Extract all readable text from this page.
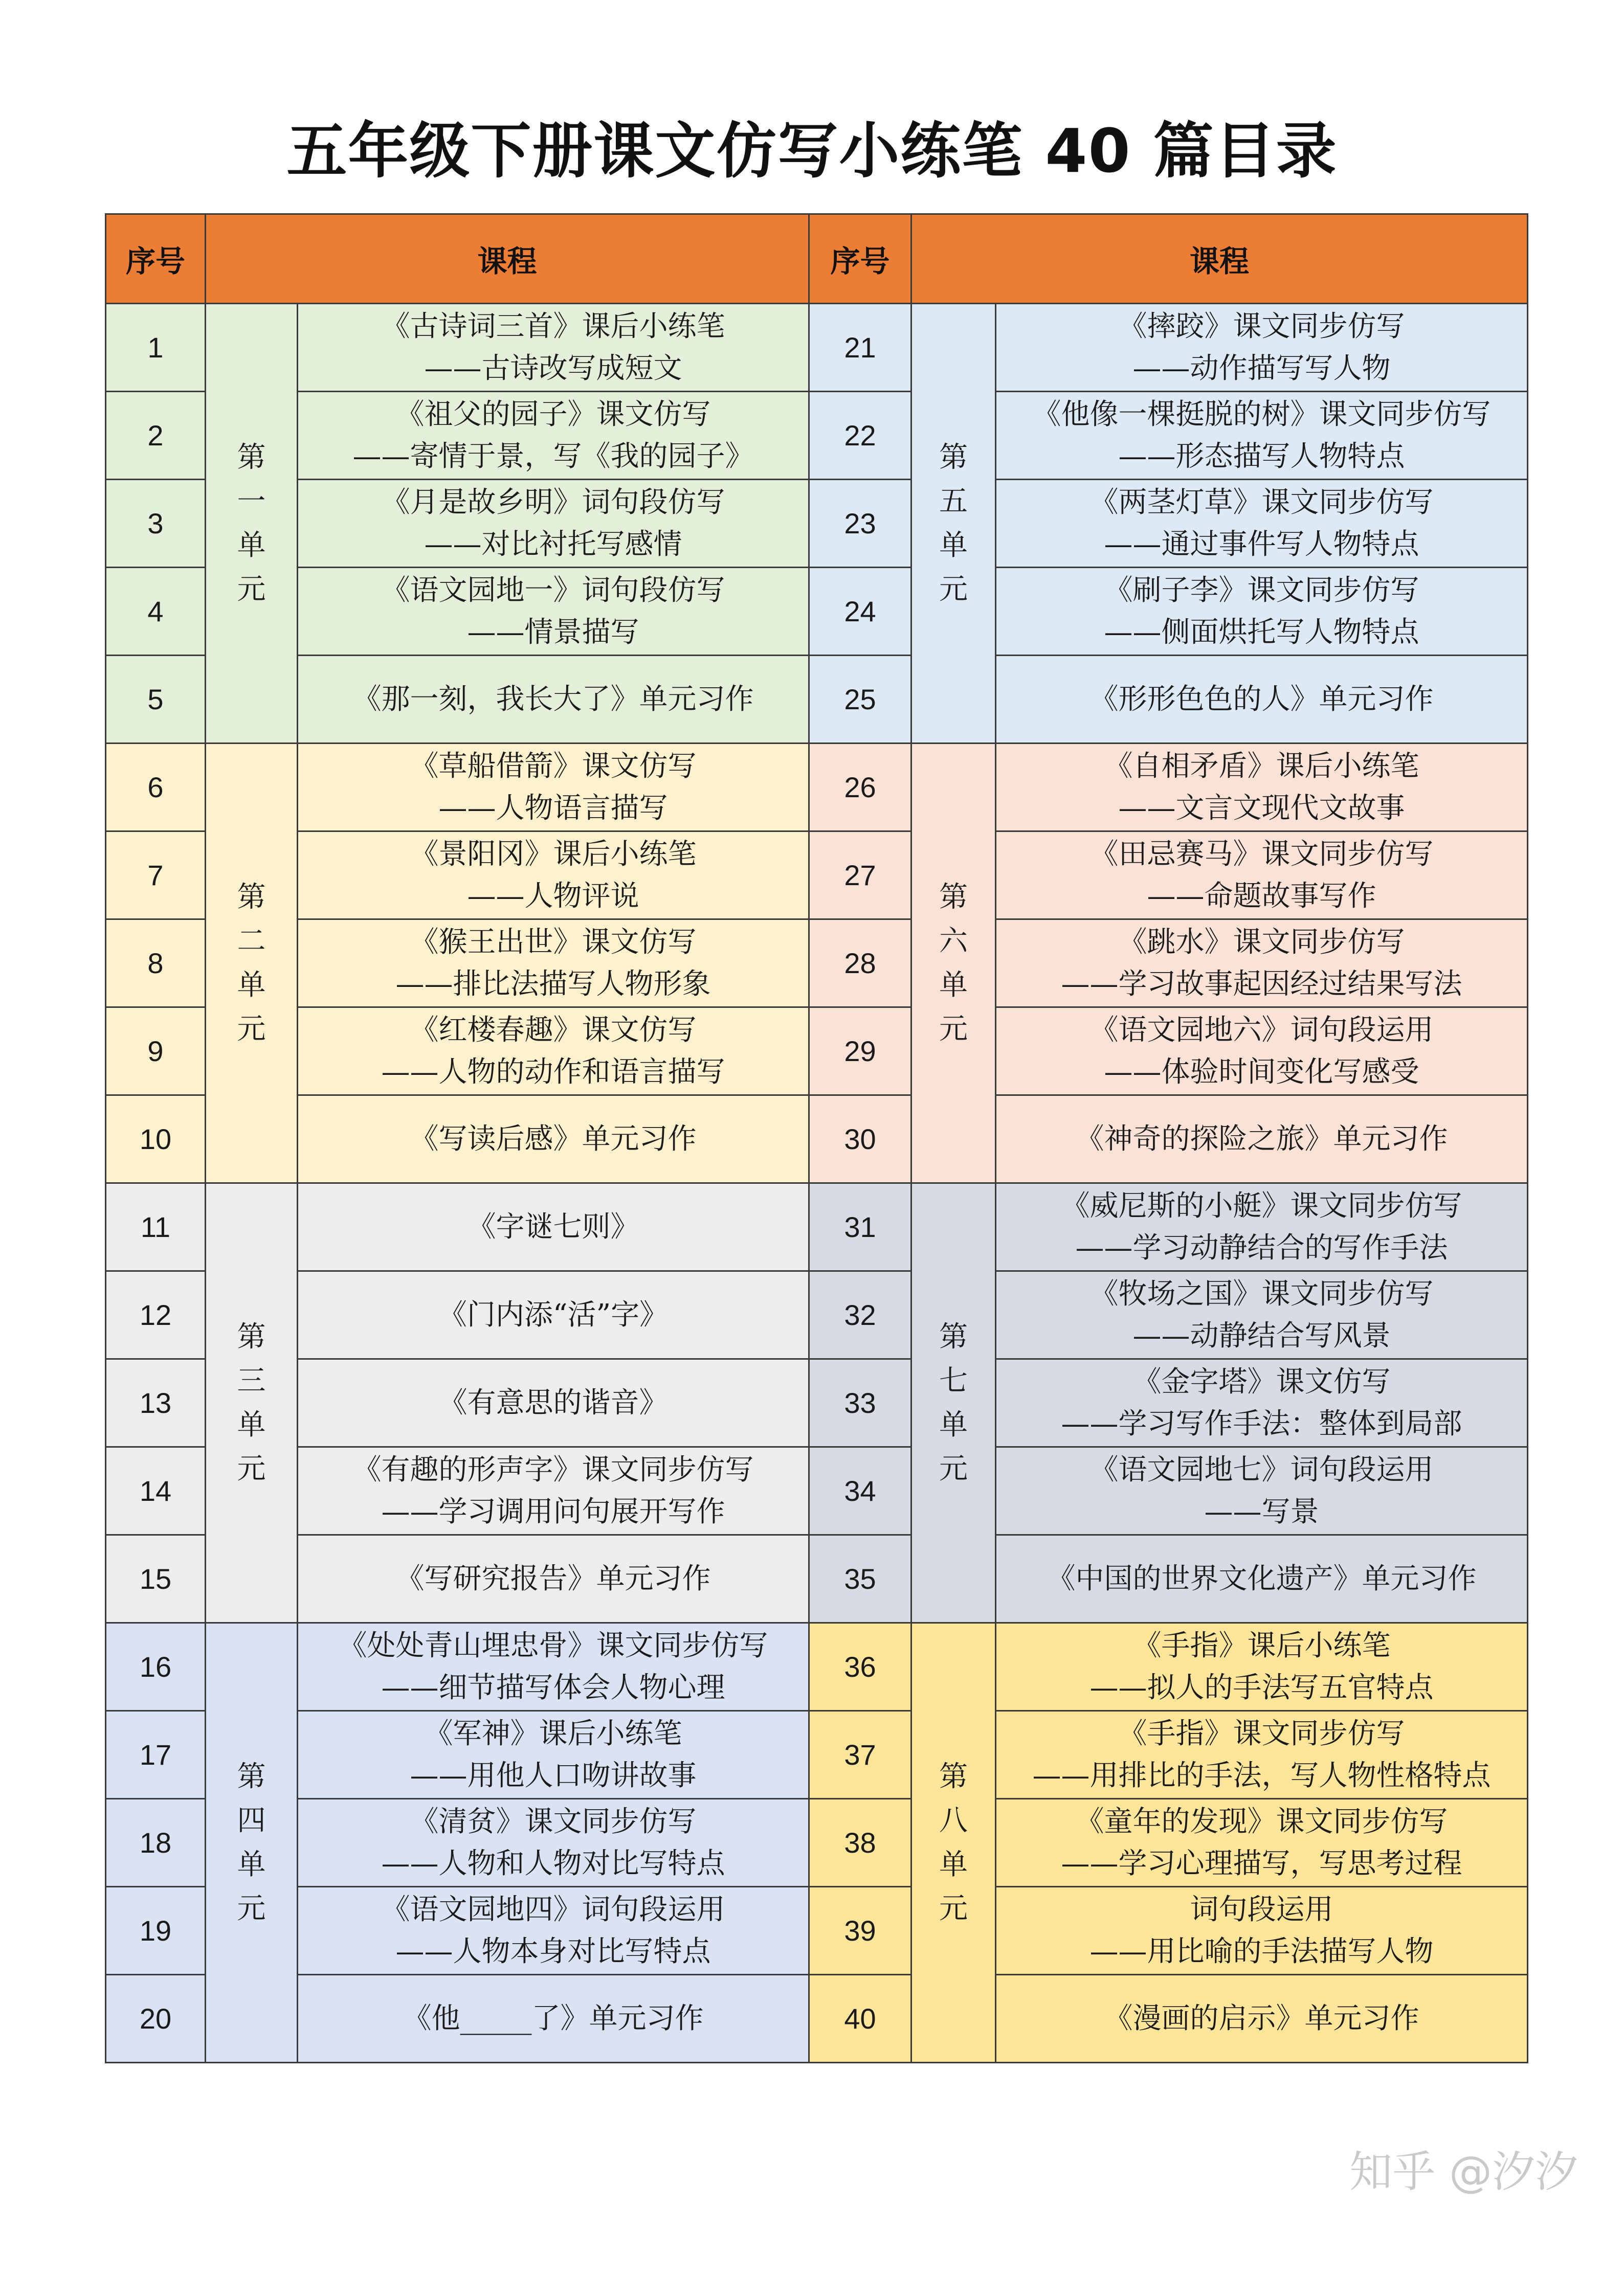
五年级下册课文仿写小练笔 40 篇目录
序号	课程		序号	课程	
1	第
一
单
元	《古诗词三首》课后小练笔
——古诗改写成短文	21	第
五
单
元	《摔跤》课文同步仿写
——动作描写写人物

2		《祖父的园子》课文仿写
——寄情于景，写《我的园子》	22		《他像一棵挺脱的树》课文同步仿写
——形态描写人物特点

3		《月是故乡明》词句段仿写
——对比衬托写感情	23		《两茎灯草》课文同步仿写
——通过事件写人物特点

4		《语文园地一》词句段仿写
——情景描写	24		《刷子李》课文同步仿写
——侧面烘托写人物特点

5		《那一刻，我长大了》单元习作	25		《形形色色的人》单元习作

6	第
二
单
元	《草船借箭》课文仿写
——人物语言描写	26	第
六
单
元	《自相矛盾》课后小练笔
——文言文现代文故事

7		《景阳冈》课后小练笔
——人物评说	27		《田忌赛马》课文同步仿写
——命题故事写作

8		《猴王出世》课文仿写
——排比法描写人物形象	28		《跳水》课文同步仿写
——学习故事起因经过结果写法

9		《红楼春趣》课文仿写
——人物的动作和语言描写	29		《语文园地六》词句段运用
——体验时间变化写感受

10		《写读后感》单元习作	30		《神奇的探险之旅》单元习作

11	第
三
单
元	《字谜七则》	31	第
七
单
元	《威尼斯的小艇》课文同步仿写
——学习动静结合的写作手法

12		《门内添“活”字》	32		《牧场之国》课文同步仿写
——动静结合写风景

13		《有意思的谐音》	33		《金字塔》课文仿写
——学习写作手法：整体到局部

14		《有趣的形声字》课文同步仿写
——学习调用问句展开写作	34		《语文园地七》词句段运用
——写景

15		《写研究报告》单元习作	35		《中国的世界文化遗产》单元习作

16	第
四
单
元	《处处青山埋忠骨》课文同步仿写
——细节描写体会人物心理	36	第
八
单
元	《手指》课后小练笔
——拟人的手法写五官特点

17		《军神》课后小练笔
——用他人口吻讲故事	37		《手指》课文同步仿写
——用排比的手法，写人物性格特点

18		《清贫》课文同步仿写
——人物和人物对比写特点	38		《童年的发现》课文同步仿写
——学习心理描写，写思考过程

19		《语文园地四》词句段运用
——人物本身对比写特点	39		词句段运用
——用比喻的手法描写人物

20		《他_____了》单元习作	40		《漫画的启示》单元习作
知乎 @汐汐
